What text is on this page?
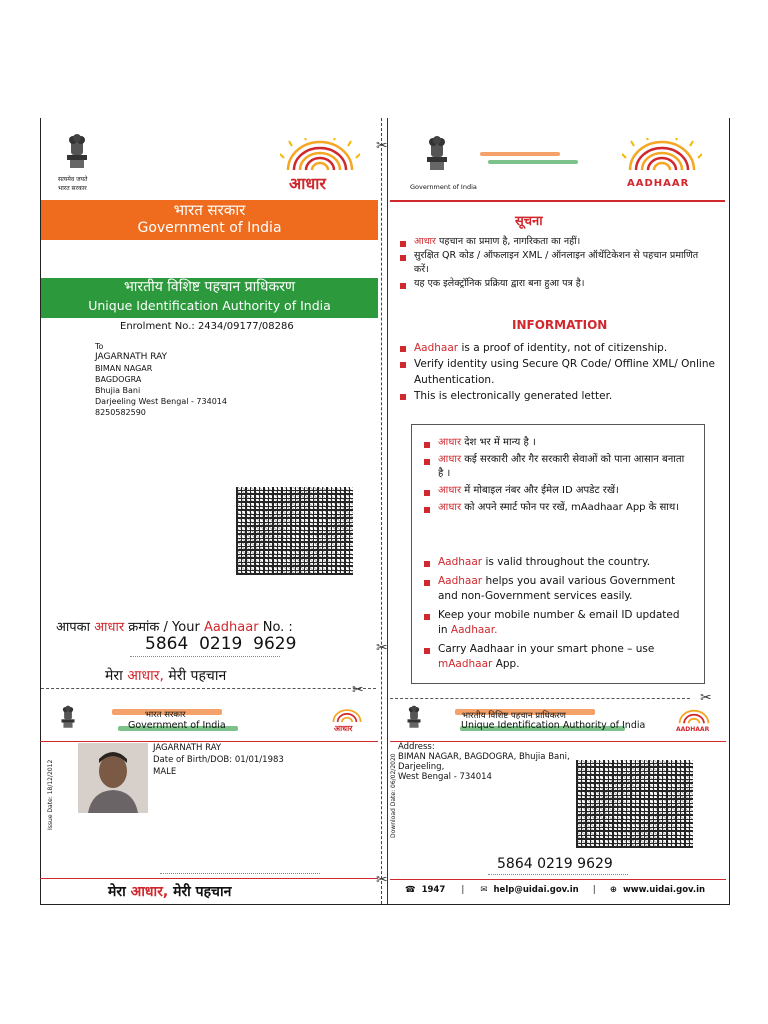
✂
✂
✂
✂
✂
सत्यमेव जयते
भारत सरकार	आधार
भारत सरकार
Government of India
भारतीय विशिष्ट पहचान प्राधिकरण
Unique Identification Authority of India
Enrolment No.: 2434/09177/08286
To
JAGARNATH RAY
BIMAN NAGAR
BAGDOGRA
Bhujia Bani
Darjeeling West Bengal - 734014
8250582590
आपका आधार क्रमांक / Your Aadhaar No. :
5864  0219  9629
मेरा आधार, मेरी पहचान
Government of India	AADHAAR
सूचना
आधार पहचान का प्रमाण है, नागरिकता का नहीं।
सुरक्षित QR कोड / ऑफलाइन XML / ऑनलाइन ऑथेंटिकेशन से पहचान प्रमाणित करें।
यह एक इलेक्ट्रॉनिक प्रक्रिया द्वारा बना हुआ पत्र है।
INFORMATION
Aadhaar is a proof of identity, not of citizenship.
Verify identity using Secure QR Code/ Offline XML/ Online Authentication.
This is electronically generated letter.
आधार देश भर में मान्य है ।
आधार कई सरकारी और गैर सरकारी सेवाओं को पाना आसान बनाता है ।
आधार में मोबाइल नंबर और ईमेल ID अपडेट रखें।
आधार को अपने स्मार्ट फोन पर रखें, mAadhaar App के साथ।
Aadhaar is valid throughout the country.
Aadhaar helps you avail various Government and non-Government services easily.
Keep your mobile number & email ID updated in Aadhaar.
Carry Aadhaar in your smart phone – use mAadhaar App.
भारत सरकार
Government of India	आधार
Issue Date: 18/12/2012
JAGARNATH RAY
Date of Birth/DOB: 01/01/1983
MALE
मेरा आधार, मेरी पहचान
भारतीय विशिष्ट पहचान प्राधिकरण
Unique Identification Authority of India	AADHAAR
Download Date: 06/02/2020
Address:
BIMAN NAGAR, BAGDOGRA, Bhujia Bani,
Darjeeling,
West Bengal - 734014
5864 0219 9629
☎ 1947 | ✉ help@uidai.gov.in | ⊕ www.uidai.gov.in
